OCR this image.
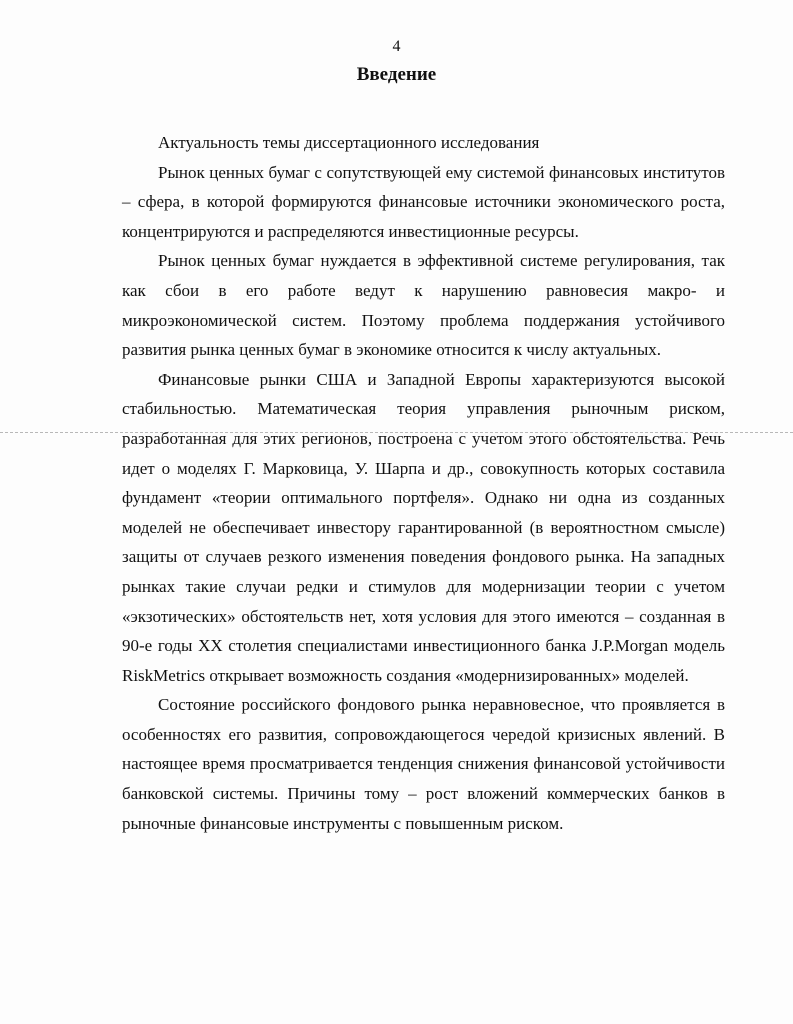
4
Введение

Актуальность темы диссертационного исследования

Рынок ценных бумаг с сопутствующей ему системой финансовых институтов – сфера, в которой формируются финансовые источники экономического роста, концентрируются и распределяются инвестиционные ресурсы.

Рынок ценных бумаг нуждается в эффективной системе регулирования, так как сбои в его работе ведут к нарушению равновесия макро- и микроэкономической систем. Поэтому проблема поддержания устойчивого развития рынка ценных бумаг в экономике относится к числу актуальных.

Финансовые рынки США и Западной Европы характеризуются высокой стабильностью. Математическая теория управления рыночным риском, разработанная для этих регионов, построена с учетом этого обстоятельства. Речь идет о моделях Г. Марковица, У. Шарпа и др., совокупность которых составила фундамент «теории оптимального портфеля». Однако ни одна из созданных моделей не обеспечивает инвестору гарантированной (в вероятностном смысле) защиты от случаев резкого изменения поведения фондового рынка. На западных рынках такие случаи редки и стимулов для модернизации теории с учетом «экзотических» обстоятельств нет, хотя условия для этого имеются – созданная в 90-е годы XX столетия специалистами инвестиционного банка J.P.Morgan модель RiskMetrics открывает возможность создания «модернизированных» моделей.

Состояние российского фондового рынка неравновесное, что проявляется в особенностях его развития, сопровождающегося чередой кризисных явлений. В настоящее время просматривается тенденция снижения финансовой устойчивости банковской системы. Причины тому – рост вложений коммерческих банков в рыночные финансовые инструменты с повышенным риском.
